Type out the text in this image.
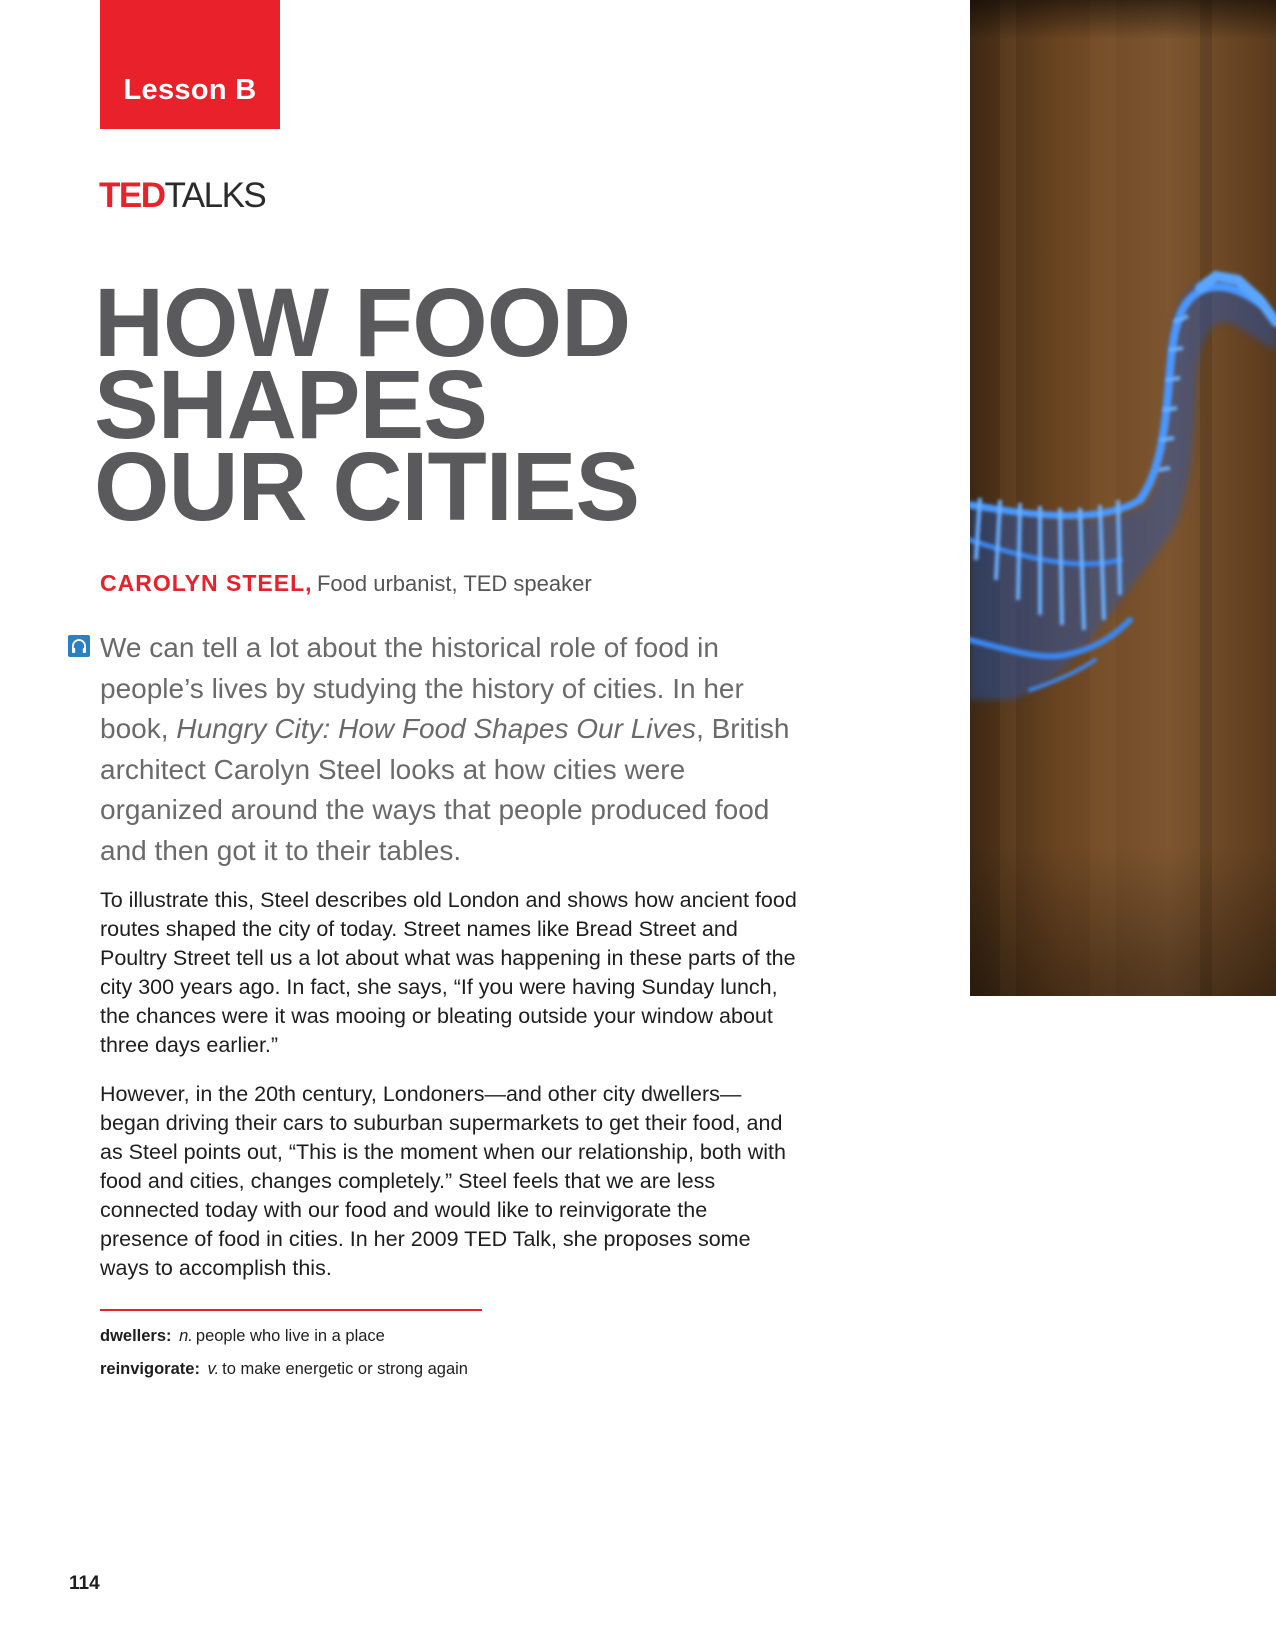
Lesson B
TEDTALKS
HOW FOOD
SHAPES
OUR CITIES
CAROLYN STEEL, Food urbanist, TED speaker

We can tell a lot about the historical role of food in people’s lives by studying the history of cities. In her book, Hungry City: How Food Shapes Our Lives, British architect Carolyn Steel looks at how cities were organized around the ways that people produced food and then got it to their tables.

To illustrate this, Steel describes old London and shows how ancient food routes shaped the city of today. Street names like Bread Street and Poultry Street tell us a lot about what was happening in these parts of the city 300 years ago. In fact, she says, “If you were having Sunday lunch, the chances were it was mooing or bleating outside your window about three days earlier.”

However, in the 20th century, Londoners—and other city dwellers—began driving their cars to suburban supermarkets to get their food, and as Steel points out, “This is the moment when our relationship, both with food and cities, changes completely.” Steel feels that we are less connected today with our food and would like to reinvigorate the presence of food in cities. In her 2009 TED Talk, she proposes some ways to accomplish this.

dwellers: n. people who live in a place
reinvigorate: v. to make energetic or strong again
114
